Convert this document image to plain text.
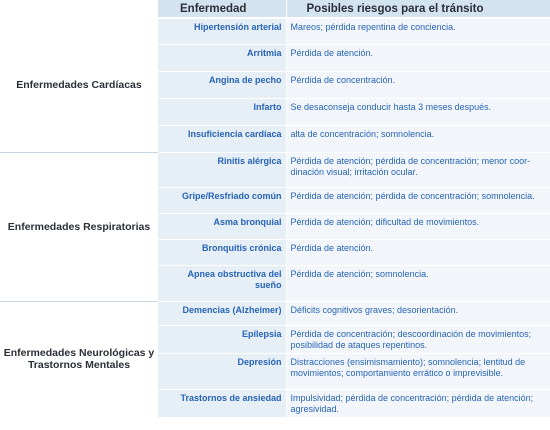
	Enfermedad	Posibles riesgos para el tránsito
Enfermedades Cardíacas	Hipertensión arterial	Mareos; pérdida repentina de conciencia.
	Arritmia	Pérdida de atención.
	Angina de pecho	Pérdida de concentración.
	Infarto	Se desaconseja conducir hasta 3 meses después.
	Insuficiencia cardíaca	alta de concentración; somnolencia.
Enfermedades Respiratorias	Rinitis alérgica	Pérdida de atención; pérdida de concentración; menor coor-dinación visual; irritación ocular.
	Gripe/Resfriado común	Pérdida de atención; pérdida de concentración; somnolencia.
	Asma bronquial	Pérdida de atención; dificultad de movimientos.
	Bronquitis crónica	Pérdida de atención.
	Apnea obstructiva del sueño	Pérdida de atención; somnolencia.
Enfermedades Neurológicas y Trastornos Mentales	Demencias (Alzheimer)	Déficits cognitivos graves; desorientación.
	Epilepsia	Pérdida de concentración; descoordinación de movimientos; posibilidad de ataques repentinos.
	Depresión	Distracciones (ensimismamiento); somnolencia; lentitud de movimientos; comportamiento errático o imprevisible.
	Trastornos de ansiedad	Impulsividad; pérdida de concentración; pérdida de atención; agresividad.
